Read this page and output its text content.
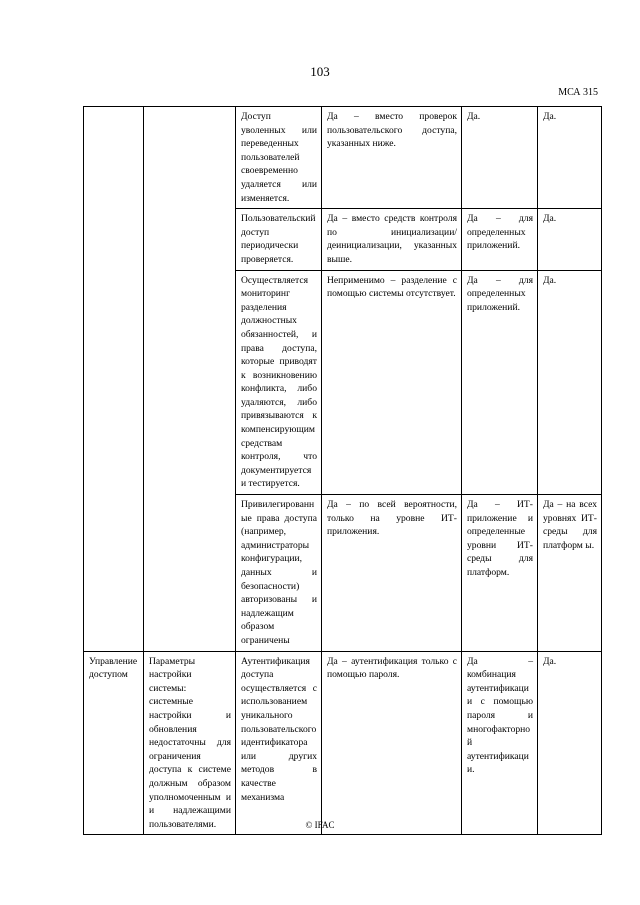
103
МСА 315
		Доступ уволенных или переведенных пользователей своевременно удаляется или изменяется.	Да – вместо проверок пользовательского доступа, указанных ниже.	Да.	Да.
		Пользовательский доступ периодически проверяется.	Да – вместо средств контроля по инициализации/деинициализации, указанных выше.	Да – для определенных приложений.	Да.
		Осуществляется мониторинг разделения должностных обязанностей, и права доступа, которые приводят к возникновению конфликта, либо удаляются, либо привязываются к компенсирующим средствам контроля, что документируется и тестируется.	Неприменимо – разделение с помощью системы отсутствует.	Да – для определенных приложений.	Да.
		Привилегированные права доступа (например, администраторы конфигурации, данных и безопасности) авторизованы и надлежащим образом ограничены	Да – по всей вероятности, только на уровне ИТ-приложения.	Да – ИТ-приложение и определенные уровни ИТ-среды для платформ.	Да – на всех уровнях ИТ-среды для платформ ы.
Управление доступом	Параметры настройки системы: системные настройки и обновления недостаточны для ограничения доступа к системе должным образом уполномоченным и и надлежащими пользователями.	Аутентификация доступа осуществляется с использованием уникального пользовательского идентификатора или других методов в качестве механизма	Да – аутентификация только с помощью пароля.	Да – комбинация аутентификации с помощью пароля и многофакторной аутентификации.	Да.
© IFAC
